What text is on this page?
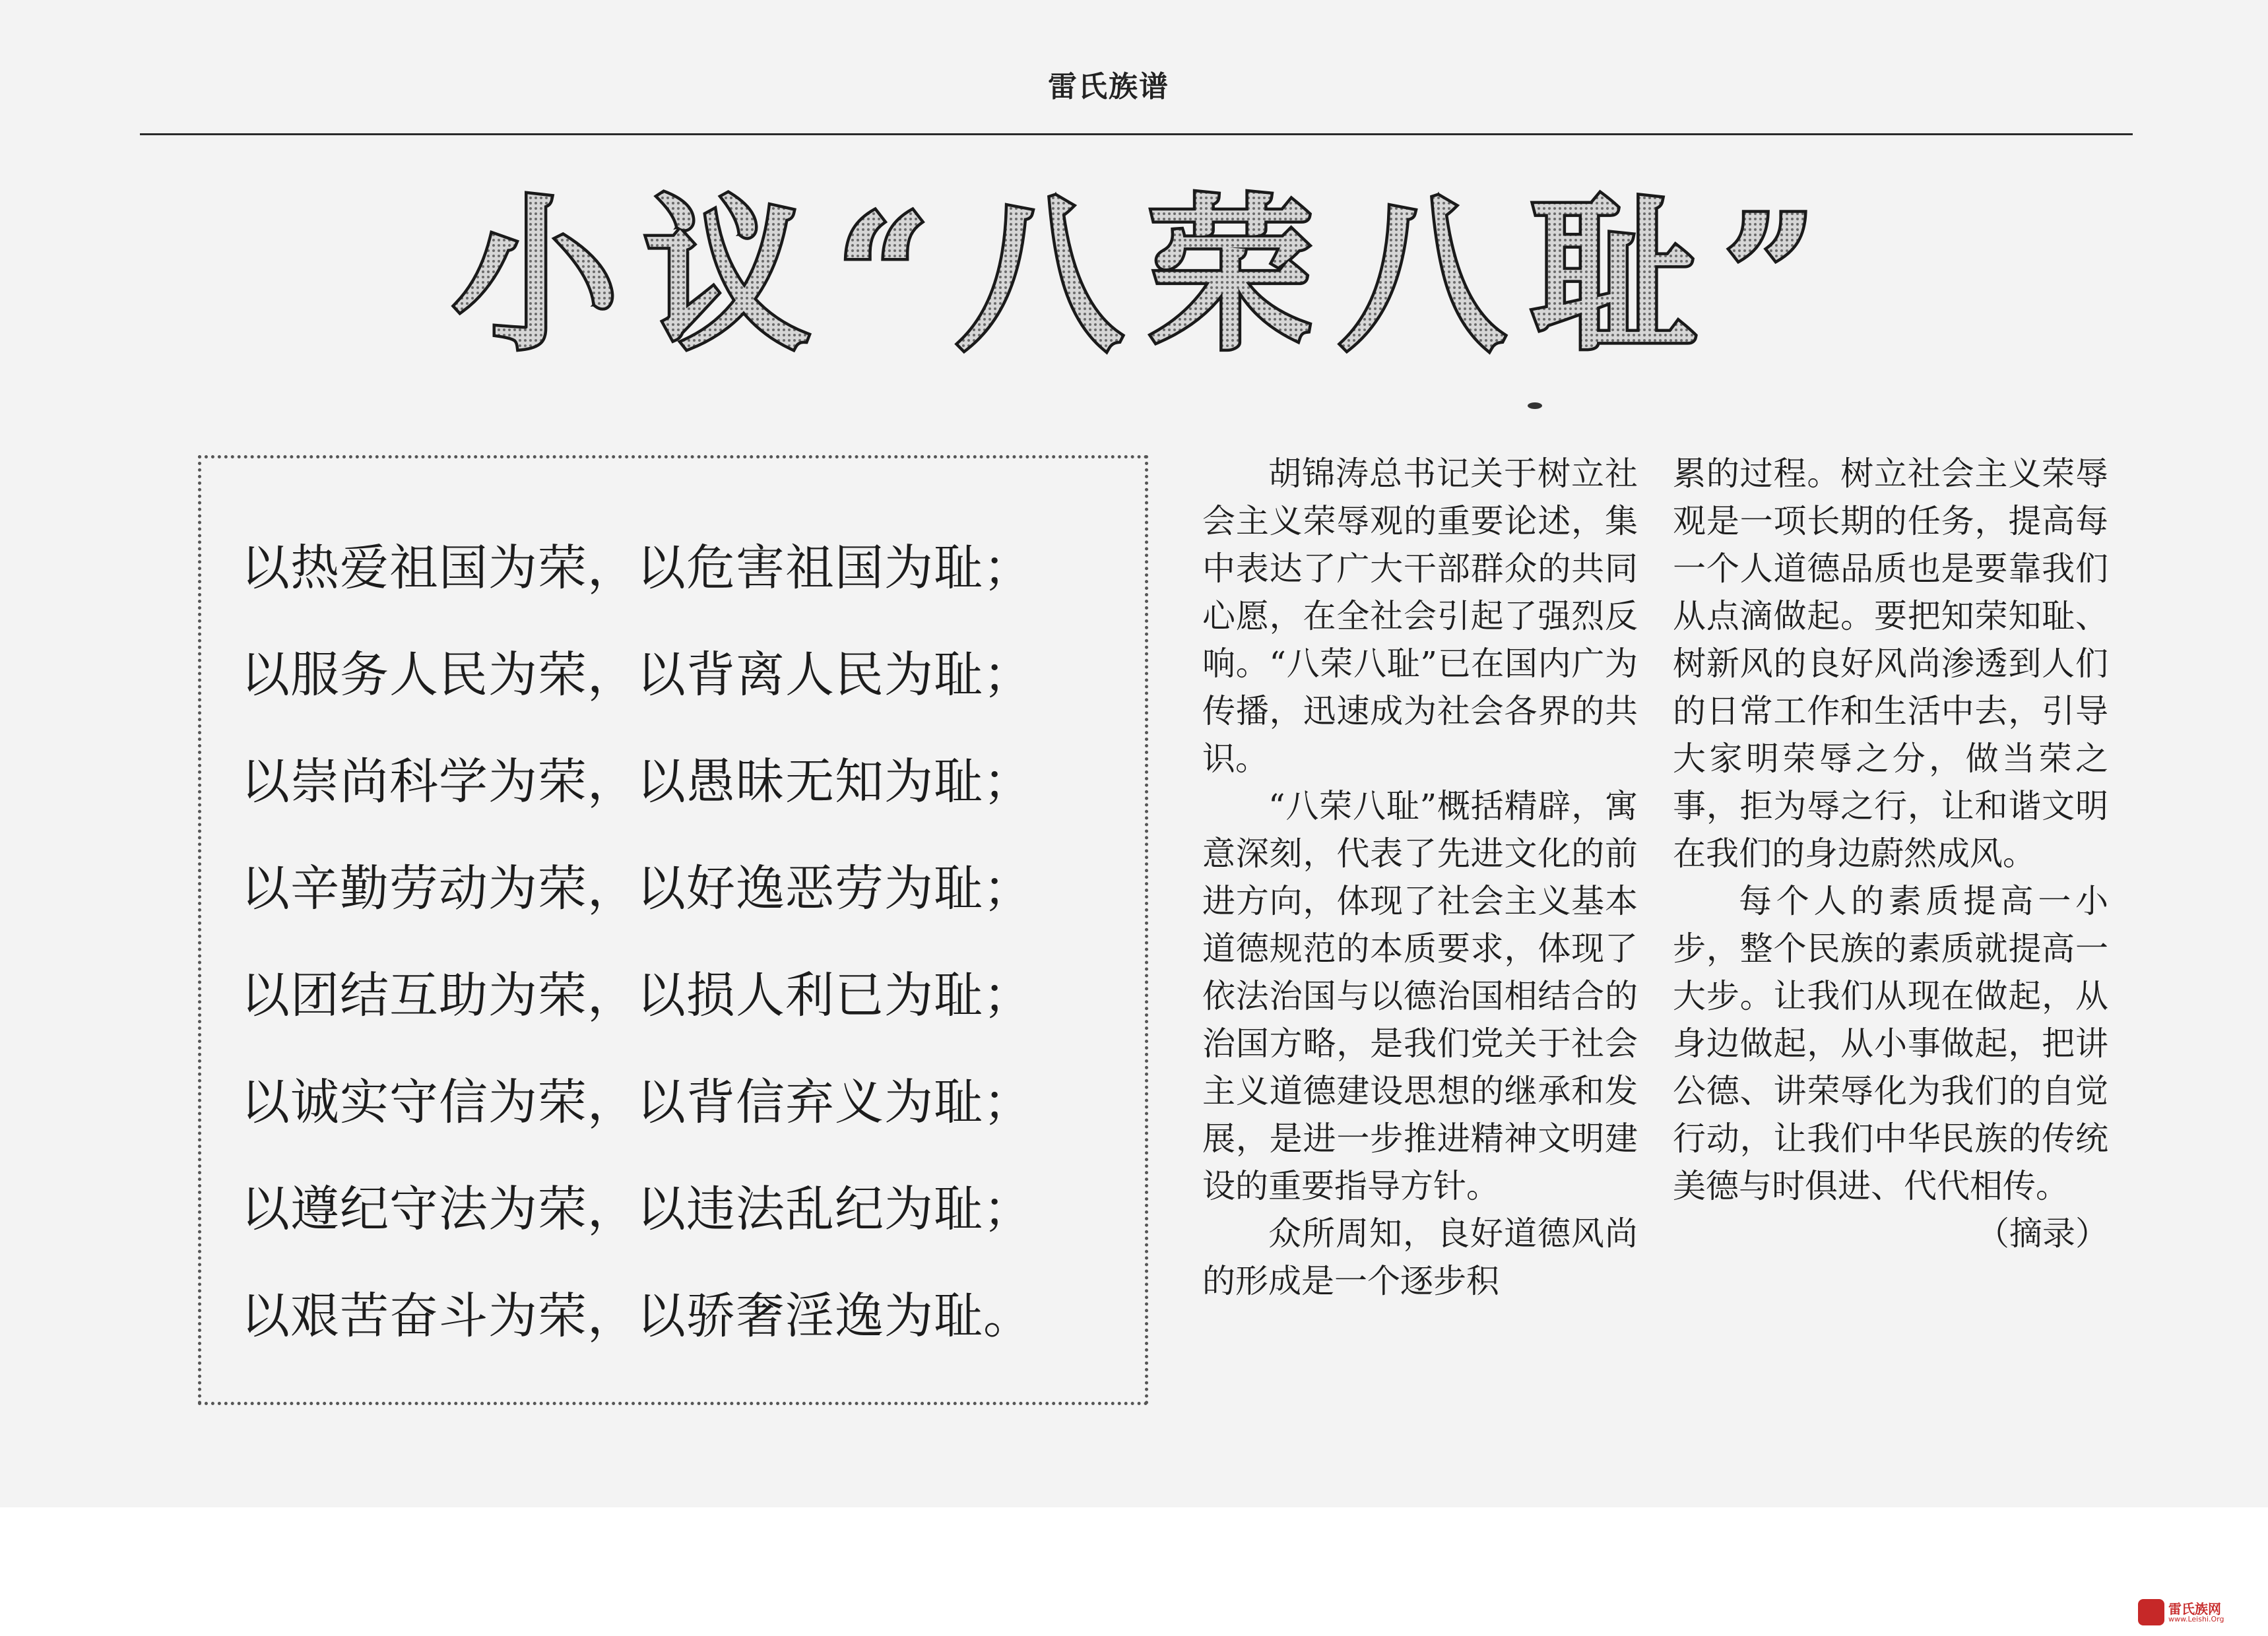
雷氏族谱
小议“八荣八耻”
以热爱祖国为荣，以危害祖国为耻；
以服务人民为荣，以背离人民为耻；
以崇尚科学为荣，以愚昧无知为耻；
以辛勤劳动为荣，以好逸恶劳为耻；
以团结互助为荣，以损人利已为耻；
以诚实守信为荣，以背信弃义为耻；
以遵纪守法为荣，以违法乱纪为耻；
以艰苦奋斗为荣，以骄奢淫逸为耻。

胡锦涛总书记关于树立社会主义荣辱观的重要论述，集中表达了广大干部群众的共同心愿，在全社会引起了强烈反响。“八荣八耻”已在国内广为传播，迅速成为社会各界的共识。

“八荣八耻”概括精辟，寓意深刻，代表了先进文化的前进方向，体现了社会主义基本道德规范的本质要求，体现了依法治国与以德治国相结合的治国方略，是我们党关于社会主义道德建设思想的继承和发展，是进一步推进精神文明建设的重要指导方针。

众所周知，良好道德风尚的形成是一个逐步积

累的过程。树立社会主义荣辱观是一项长期的任务，提高每一个人道德品质也是要靠我们从点滴做起。要把知荣知耻、树新风的良好风尚渗透到人们的日常工作和生活中去，引导大家明荣辱之分，做当荣之事，拒为辱之行，让和谐文明在我们的身边蔚然成风。

每个人的素质提高一小步，整个民族的素质就提高一大步。让我们从现在做起，从身边做起，从小事做起，把讲公德、讲荣辱化为我们的自觉行动，让我们中华民族的传统美德与时俱进、代代相传。

（摘录）

雷氏族网
www.Leishi.Org
